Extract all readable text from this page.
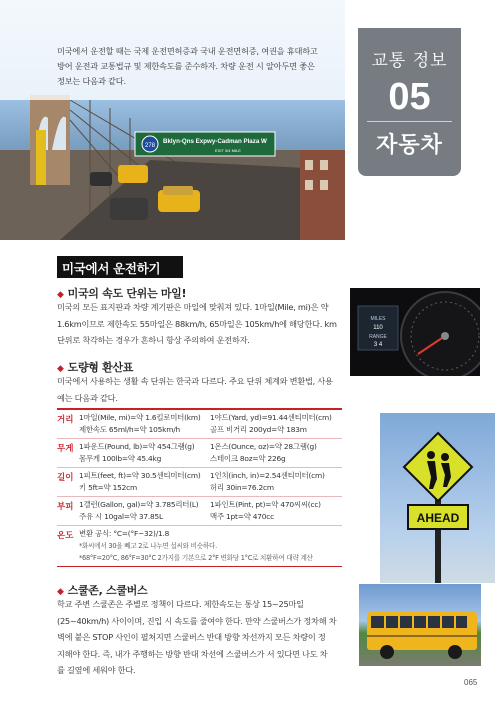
278
Bklyn-Qns Expwy-Cadman Plaza W
EXIT 3/4 MILE
미국에서 운전할 때는 국제 운전면허증과 국내 운전면허증, 여권을 휴대하고
방어 운전과 교통법규 및 제한속도를 준수하자. 차량 운전 시 알아두면 좋은
정보는 다음과 같다.
교통 정보
05
자동차
미국에서 운전하기
◆ 미국의 속도 단위는 마일!
미국의 모든 표지판과 차량 계기판은 마일에 맞춰져 있다. 1마일(Mile, mi)은 약
1.6km이므로 제한속도 55마일은 88km/h, 65마일은 105km/h에 해당한다. km
단위로 착각하는 경우가 흔하니 항상 주의하여 운전하자.
◆ 도량형 환산표
미국에서 사용하는 생활 속 단위는 한국과 다르다. 주요 단위 체계와 변환법, 사용
예는 다음과 같다.
거리 1마일(Mile, mi)=약 1.6킬로미터(km)
제한속도 65ml/h=약 105km/h
1야드(Yard, yd)=91.44센티미터(cm)
골프 비거리 200yd=약 183m
무게 1파운드(Pound, lb)=약 454그램(g)
몸무게 100lb=약 45.4kg
1온스(Ounce, oz)=약 28그램(g)
스테이크 8oz=약 226g
길이 1피트(feet, ft)=약 30.5센티미터(cm)
키 5ft=약 152cm
1인치(inch, in)=2.54센티미터(cm)
허리 30in=76.2cm
부피 1갤런(Gallon, gal)=약 3.785리터(L)
주유 시 10gal=약 37.85L
1파인트(Pint, pt)=약 470씨씨(cc)
맥주 1pt=약 470cc
온도 변환 공식: °C=(°F−32)/1.8
*화씨에서 30을 빼고 2로 나누면 섭씨와 비슷하다.
*68°F=20°C, 86°F=30°C 2가지를 기본으로 2°F 변화당 1°C로 치환하여 대략 계산
◆ 스쿨존, 스쿨버스
학교 주변 스쿨존은 주별로 정책이 다르다. 제한속도는 통상 15~25마일
(25~40km/h) 사이이며, 진입 시 속도를 줄여야 한다. 만약 스쿨버스가 정차해 차
벽에 붙은 STOP 사인이 펼쳐지면 스쿨버스 반대 방향 차선까지 모든 차량이 정
지해야 한다. 즉, 내가 주행하는 방향 반대 차선에 스쿨버스가 서 있다면 나도 차
를 길옆에 세워야 한다.
MILES
110
RANGE
3 4
AHEAD
065
